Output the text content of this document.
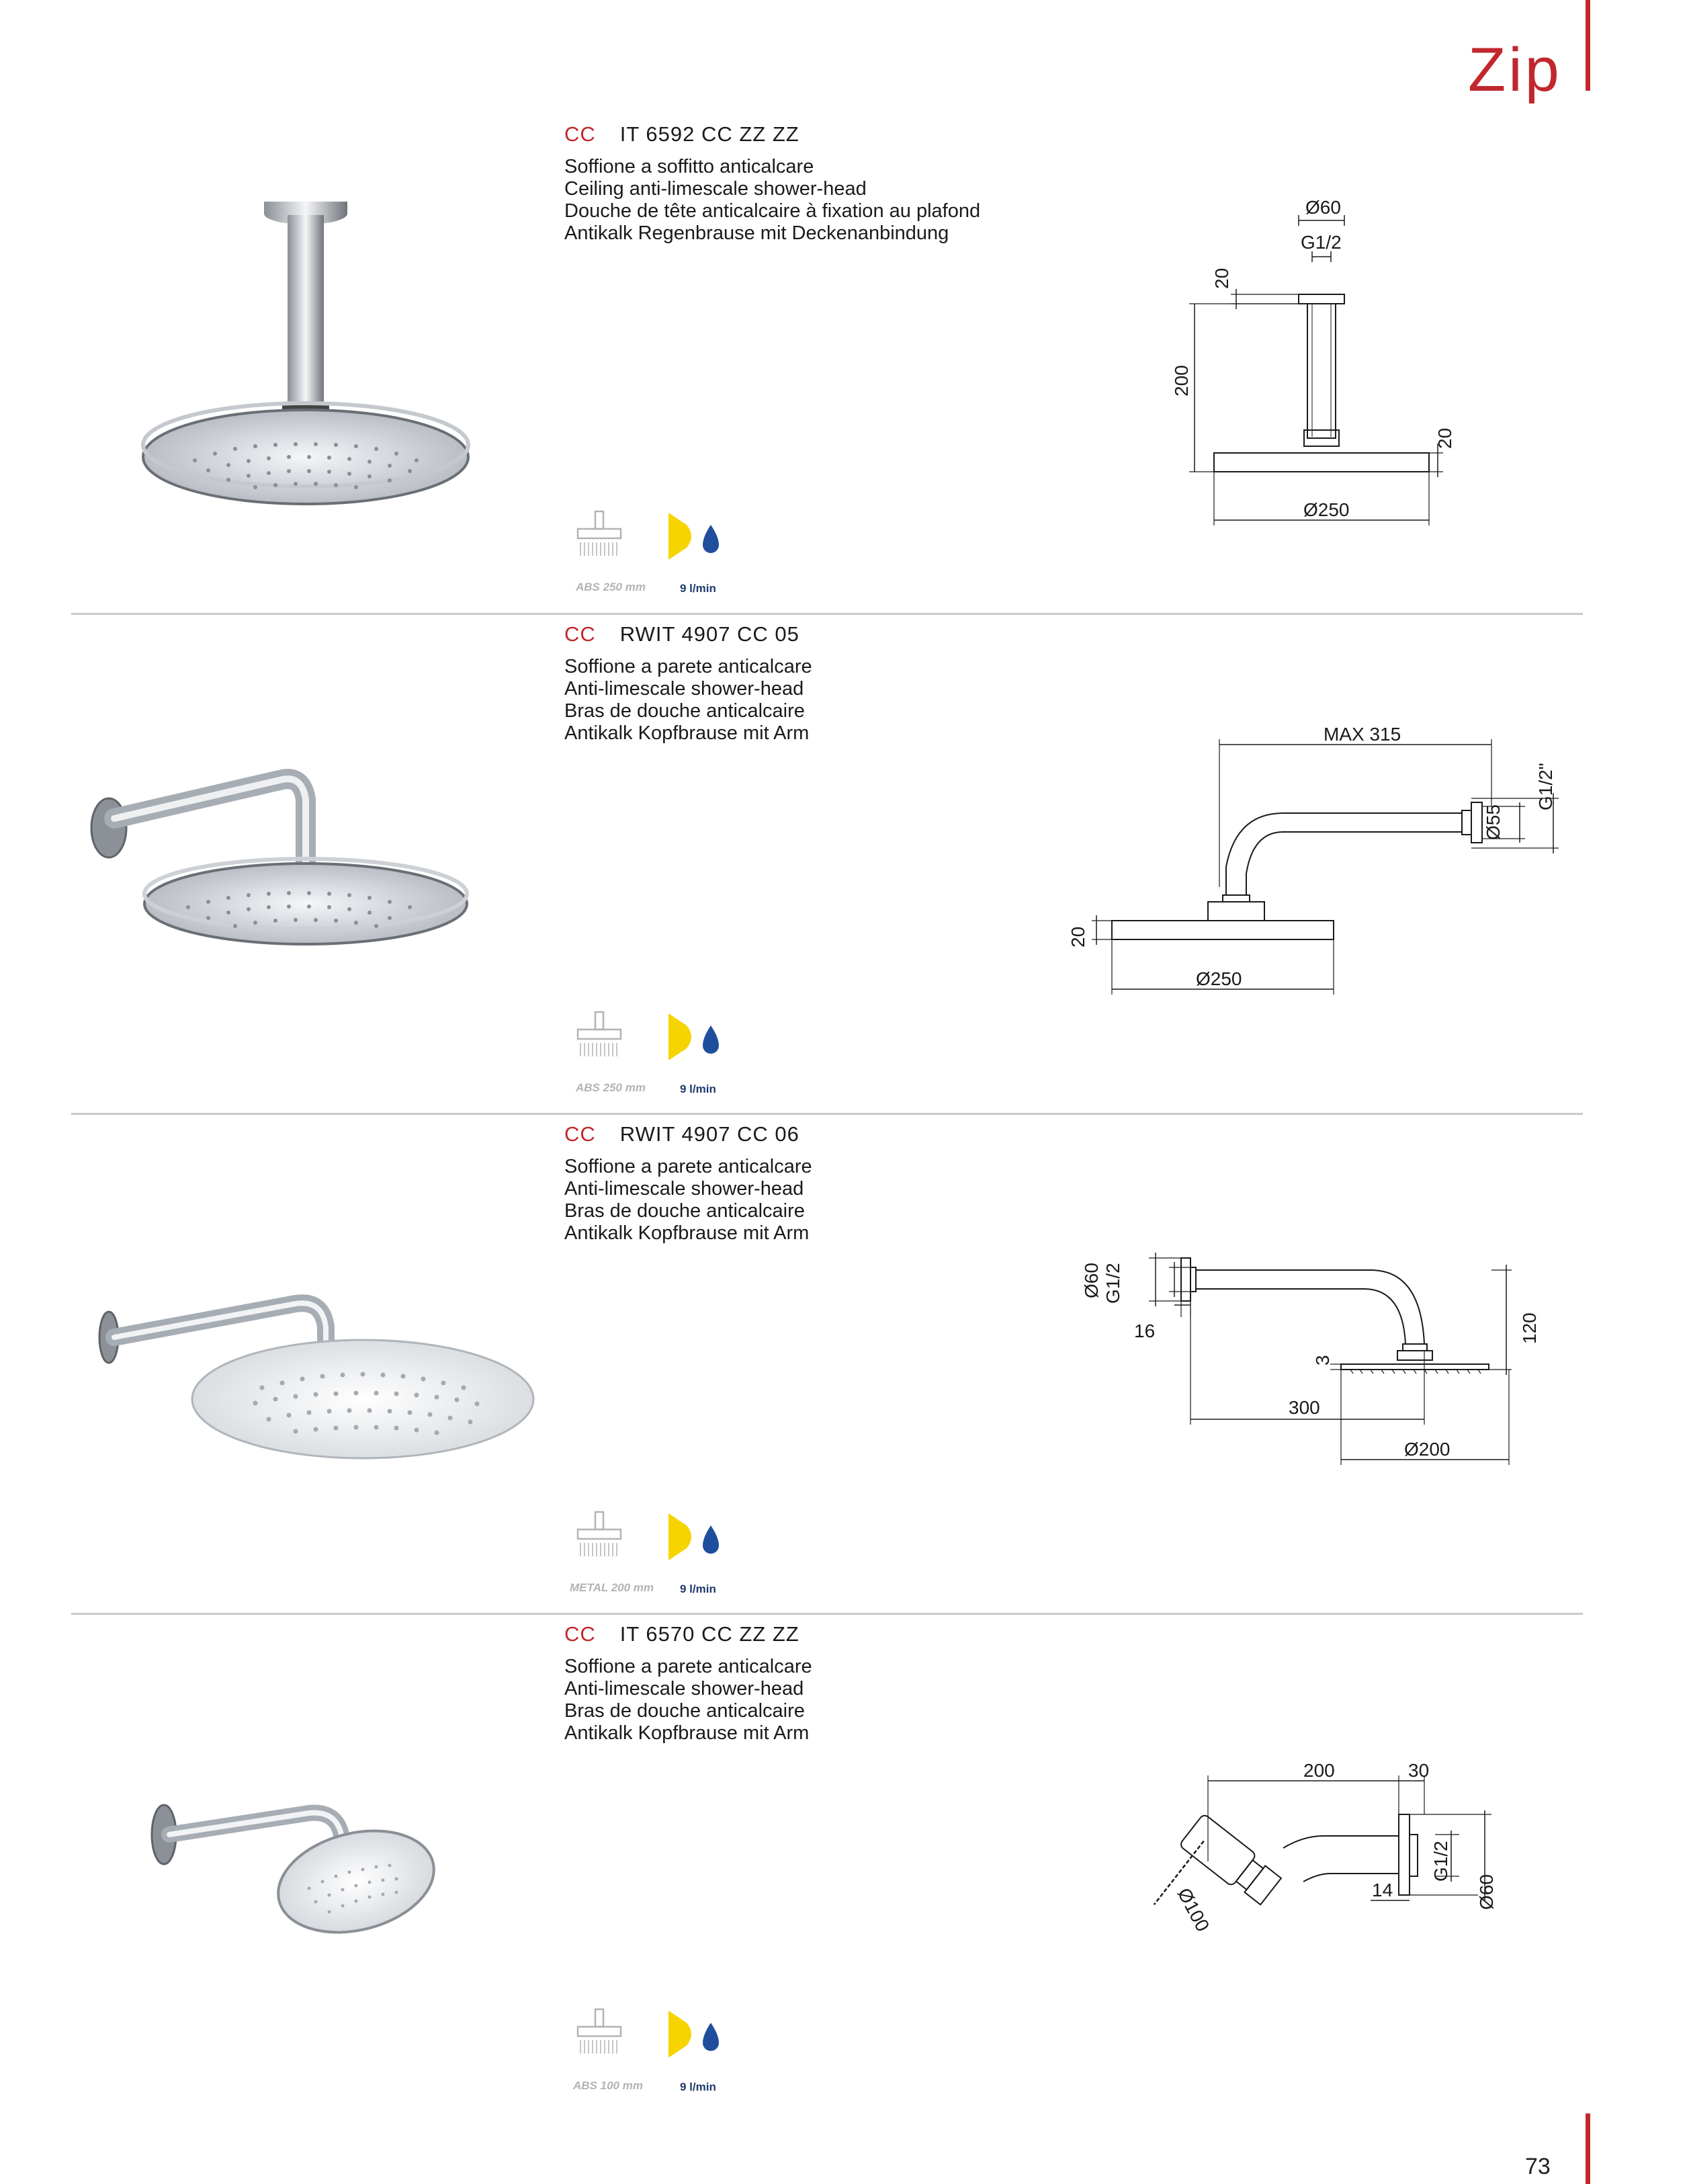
Zip
CC IT 6592 CC ZZ ZZ
Soffione a soffitto anticalcare
Ceiling anti-limescale shower-head
Douche de tête anticalcaire à fixation au plafond
Antikalk Regenbrause mit Deckenanbindung
Ø60
G1/2
20
200
20
Ø250
ABS 250 mm	9 l/min
CC RWIT 4907 CC 05
Soffione a parete anticalcare
Anti-limescale shower-head
Bras de douche anticalcaire
Antikalk Kopfbrause mit Arm	MAX 315
Ø55
G1/2"
20
Ø250
ABS 250 mm	9 l/min
CC RWIT 4907 CC 06
Soffione a parete anticalcare
Anti-limescale shower-head
Bras de douche anticalcaire
Antikalk Kopfbrause mit Arm
Ø60 G1/2
16	120
3
300
Ø200
METAL 200 mm 9 l/min
CC IT 6570 CC ZZ ZZ
Soffione a parete anticalcare
Anti-limescale shower-head
Bras de douche anticalcaire
Antikalk Kopfbrause mit Arm
200	30
G1/2
14	Ø60
Ø100
ABS 100 mm	9 l/min
73
